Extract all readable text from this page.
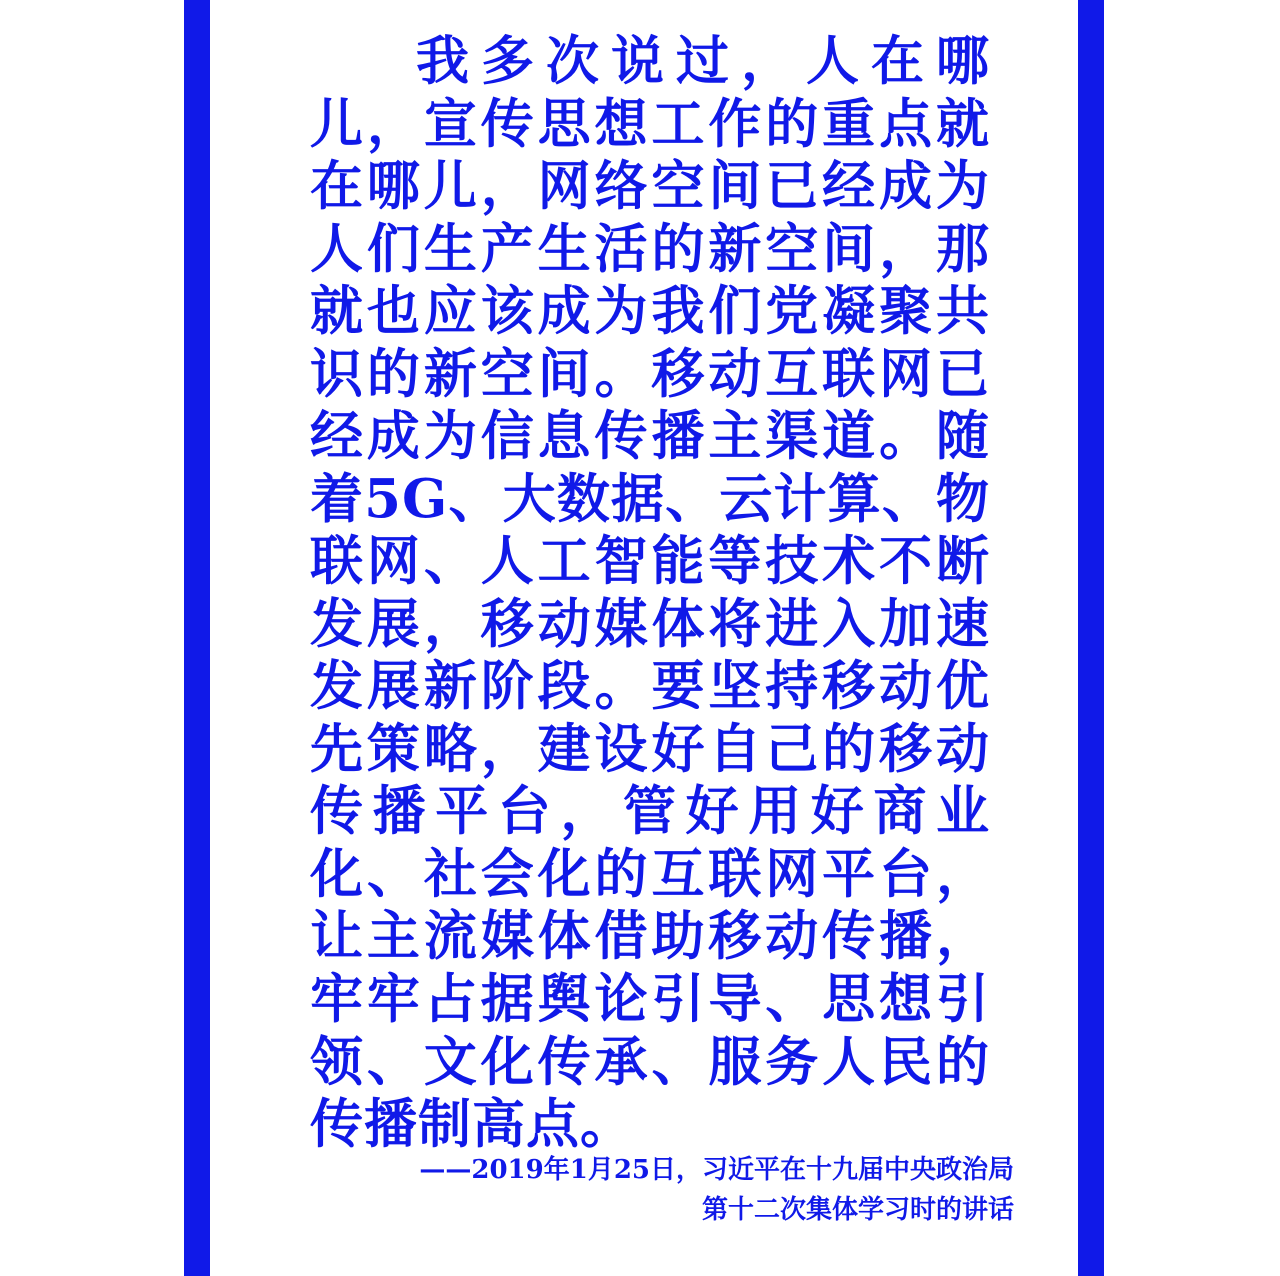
我多次说过，人在哪儿，宣传思想工作的重点就在哪儿，网络空间已经成为人们生产生活的新空间，那就也应该成为我们党凝聚共识的新空间。移动互联网已经成为信息传播主渠道。随着5G、大数据、云计算、物联网、人工智能等技术不断发展，移动媒体将进入加速发展新阶段。要坚持移动优先策略，建设好自己的移动传播平台，管好用好商业化、社会化的互联网平台，让主流媒体借助移动传播，牢牢占据舆论引导、思想引领、文化传承、服务人民的传播制高点。

——2019年1月25日，习近平在十九届中央政治局
第十二次集体学习时的讲话
